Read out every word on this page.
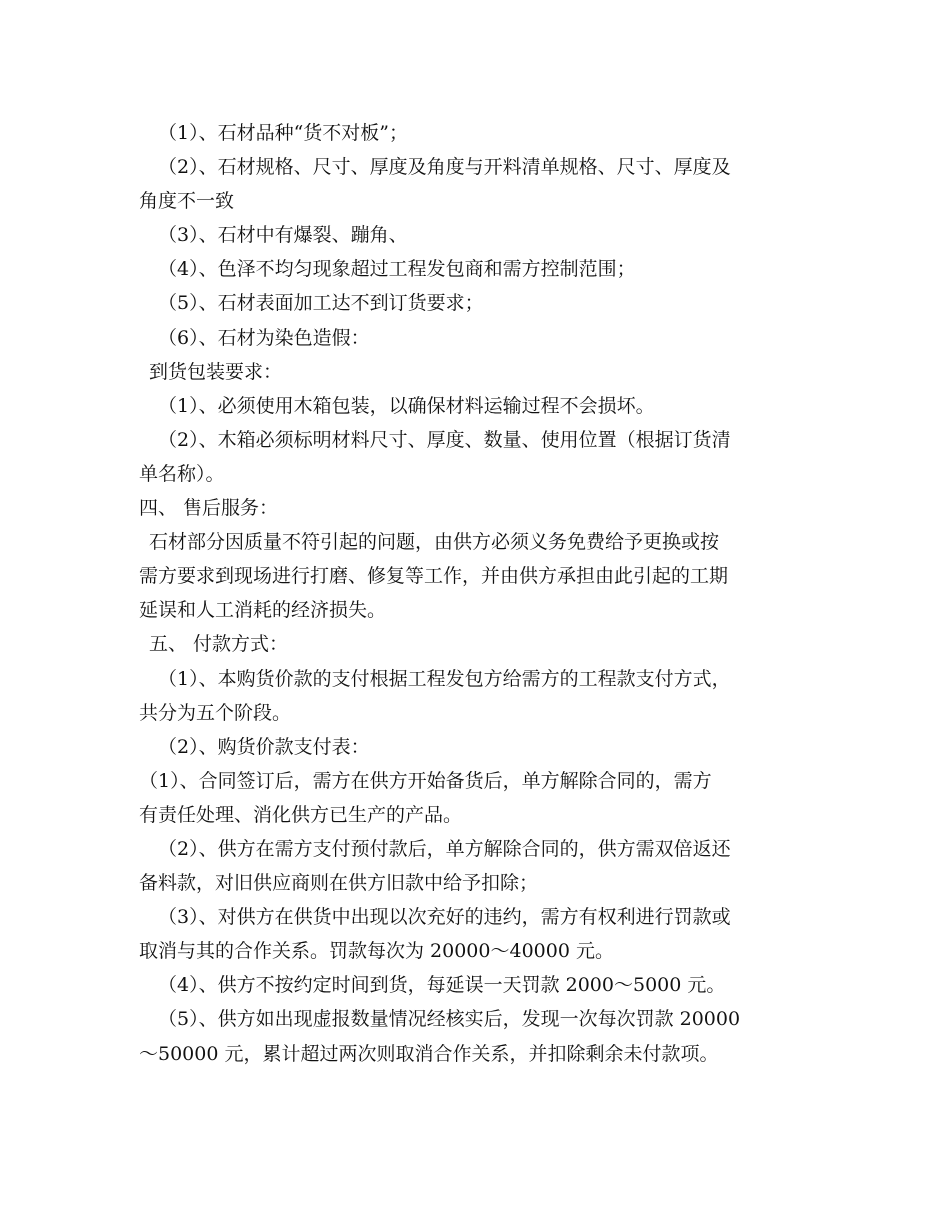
（1）、石材品种“货不对板”；

（2）、石材规格、尺寸、厚度及角度与开料清单规格、尺寸、厚度及

角度不一致

（3）、石材中有爆裂、蹦角、

（4）、色泽不均匀现象超过工程发包商和需方控制范围；

（5）、石材表面加工达不到订货要求；

（6）、石材为染色造假：

到货包装要求：

（1）、必须使用木箱包装，以确保材料运输过程不会损坏。

（2）、木箱必须标明材料尺寸、厚度、数量、使用位置（根据订货清

单名称）。

四、 售后服务：

石材部分因质量不符引起的问题，由供方必须义务免费给予更换或按

需方要求到现场进行打磨、修复等工作，并由供方承担由此引起的工期

延误和人工消耗的经济损失。

五、 付款方式：

（1）、本购货价款的支付根据工程发包方给需方的工程款支付方式，

共分为五个阶段。

（2）、购货价款支付表：

（1）、合同签订后，需方在供方开始备货后，单方解除合同的，需方

有责任处理、消化供方已生产的产品。

（2）、供方在需方支付预付款后，单方解除合同的，供方需双倍返还

备料款，对旧供应商则在供方旧款中给予扣除；

（3）、对供方在供货中出现以次充好的违约，需方有权利进行罚款或

取消与其的合作关系。罚款每次为 20000～40000 元。

（4）、供方不按约定时间到货，每延误一天罚款 2000～5000 元。

（5）、供方如出现虚报数量情况经核实后，发现一次每次罚款 20000

～50000 元，累计超过两次则取消合作关系，并扣除剩余未付款项。
